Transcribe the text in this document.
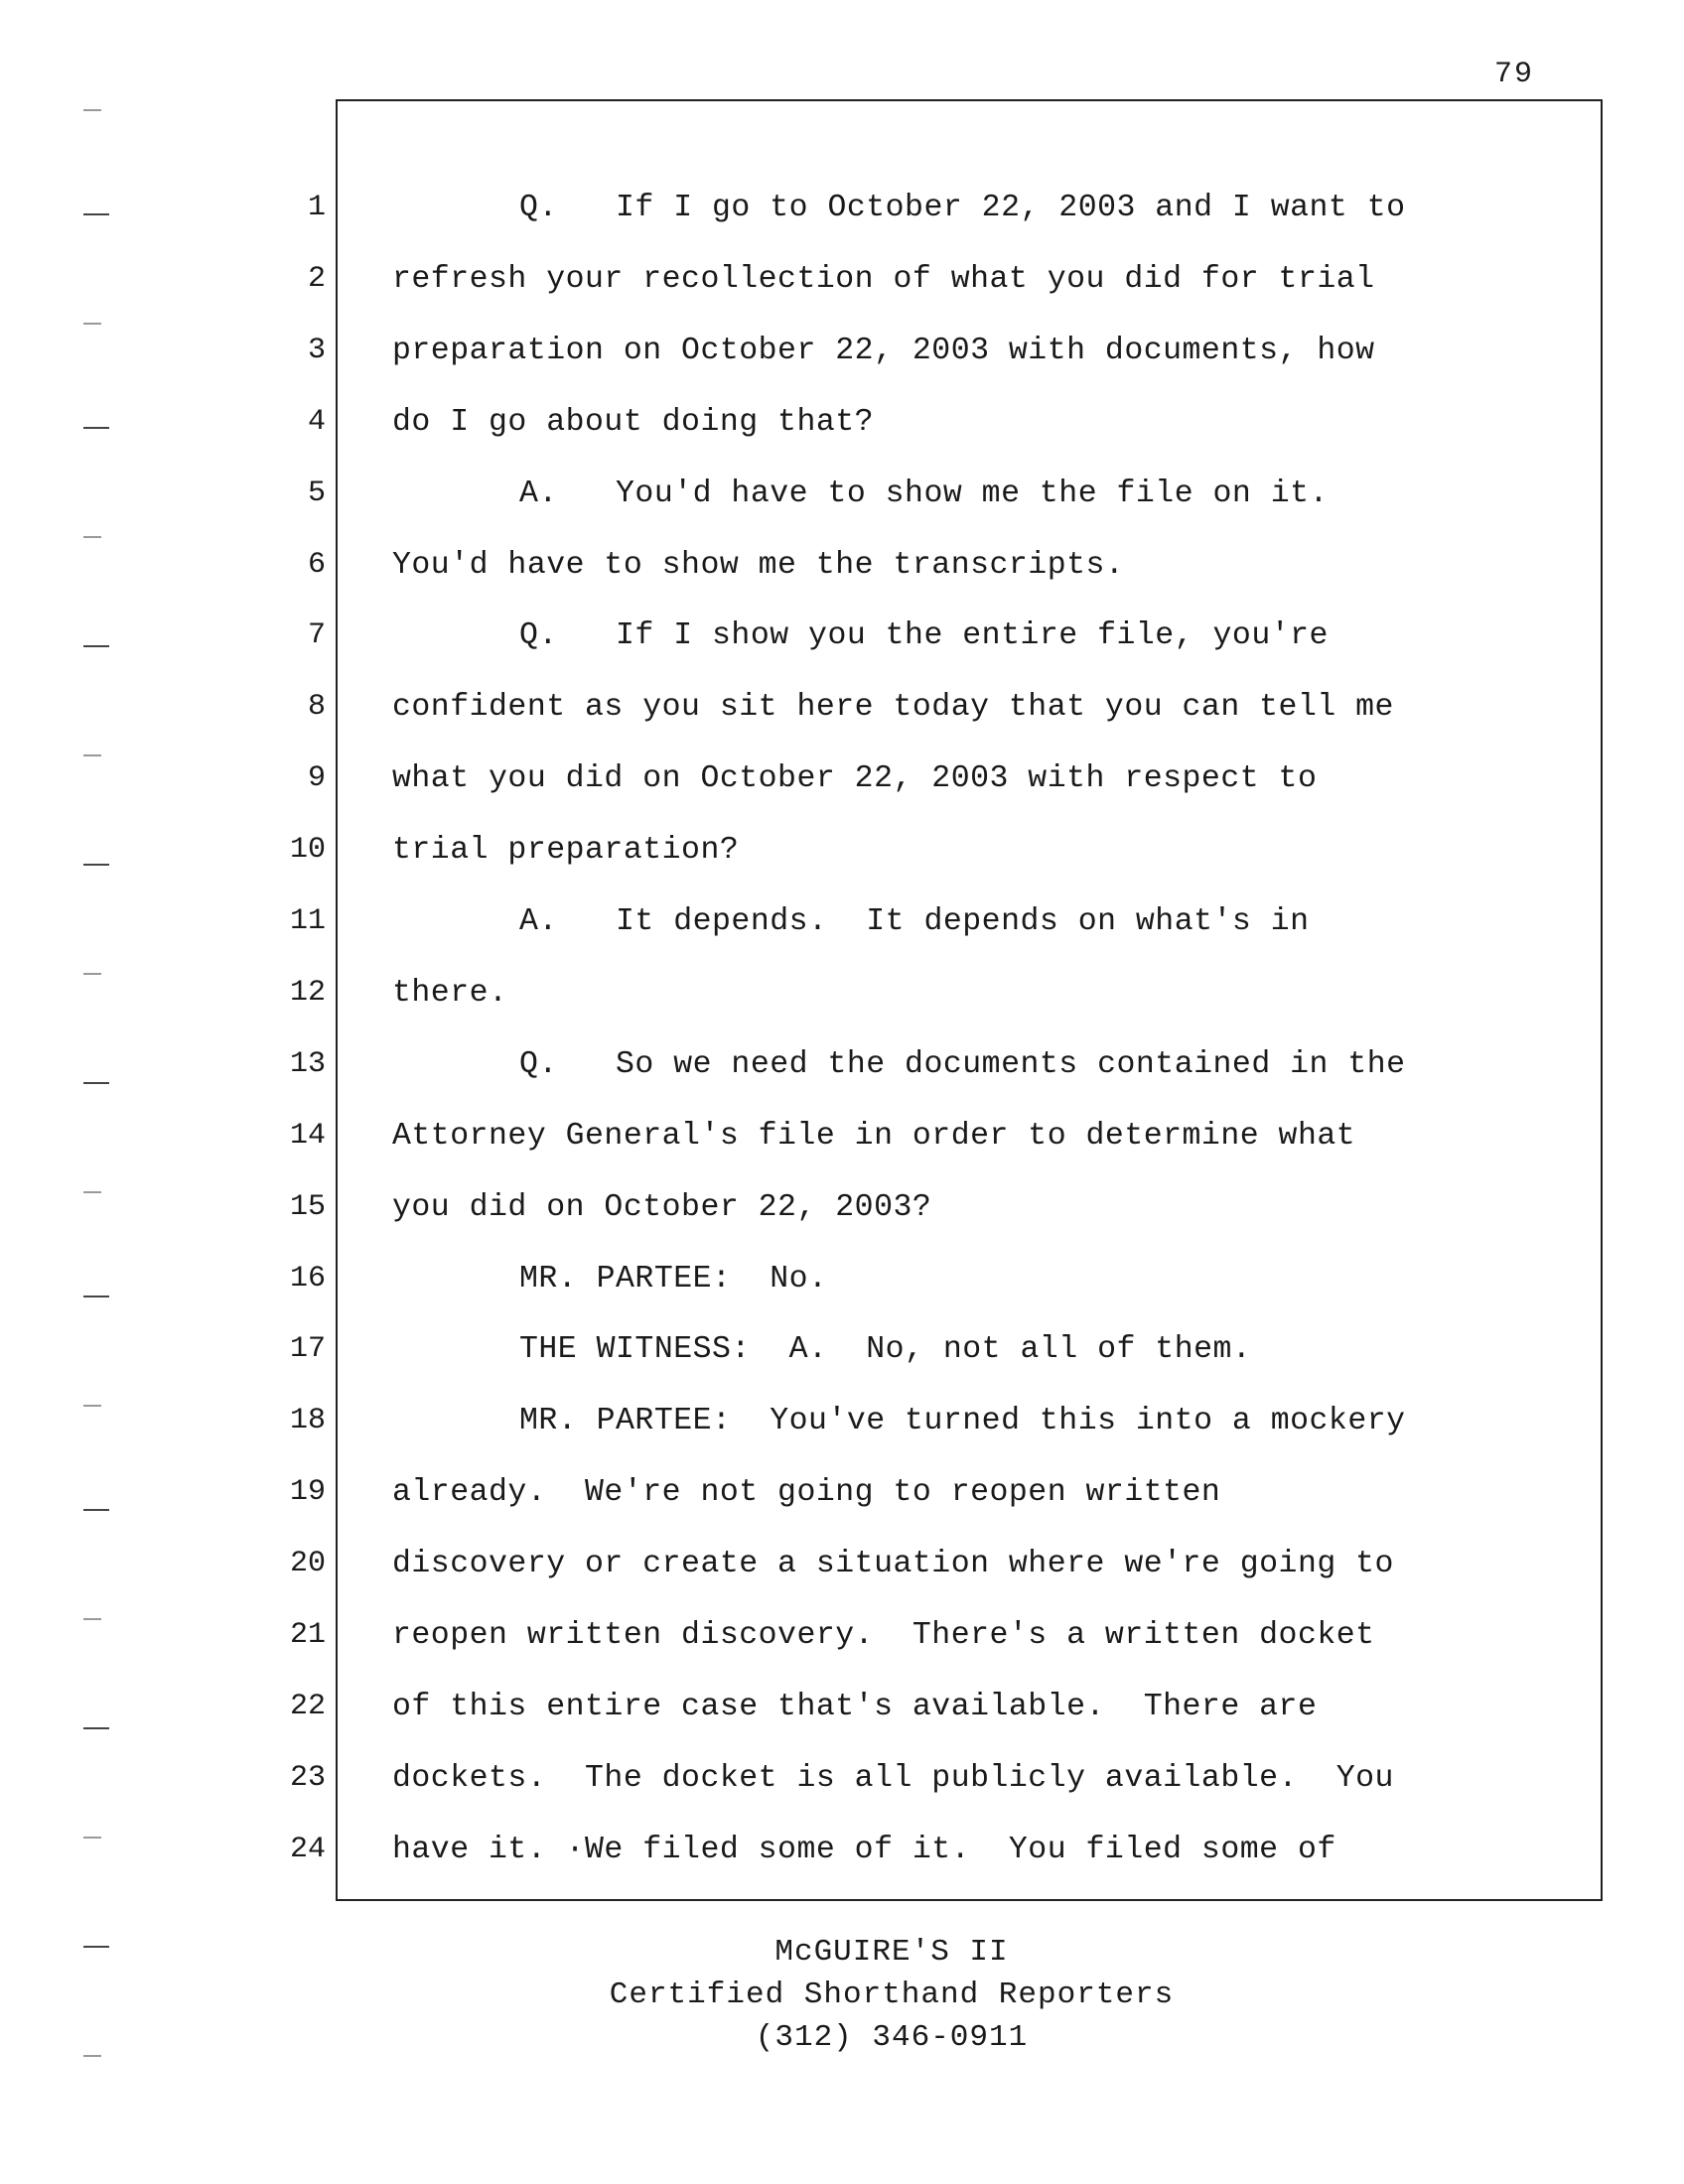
79
1	Q.   If I go to October 22, 2003 and I want to
2 refresh your recollection of what you did for trial
3 preparation on October 22, 2003 with documents, how
4 do I go about doing that?
5	A.   You'd have to show me the file on it.
6 You'd have to show me the transcripts.
7	Q.   If I show you the entire file, you're
8 confident as you sit here today that you can tell me
9 what you did on October 22, 2003 with respect to
10 trial preparation?
11	A.   It depends.  It depends on what's in
12 there.
13	Q.   So we need the documents contained in the
14 Attorney General's file in order to determine what
15 you did on October 22, 2003?
16	MR. PARTEE:  No.
17	THE WITNESS:  A.  No, not all of them.
18	MR. PARTEE:  You've turned this into a mockery
19 already.  We're not going to reopen written
20 discovery or create a situation where we're going to
21 reopen written discovery.  There's a written docket
22 of this entire case that's available.  There are
23 dockets.  The docket is all publicly available.  You
24 have it. ·We filed some of it.  You filed some of
McGUIRE'S II
Certified Shorthand Reporters
(312) 346-0911
